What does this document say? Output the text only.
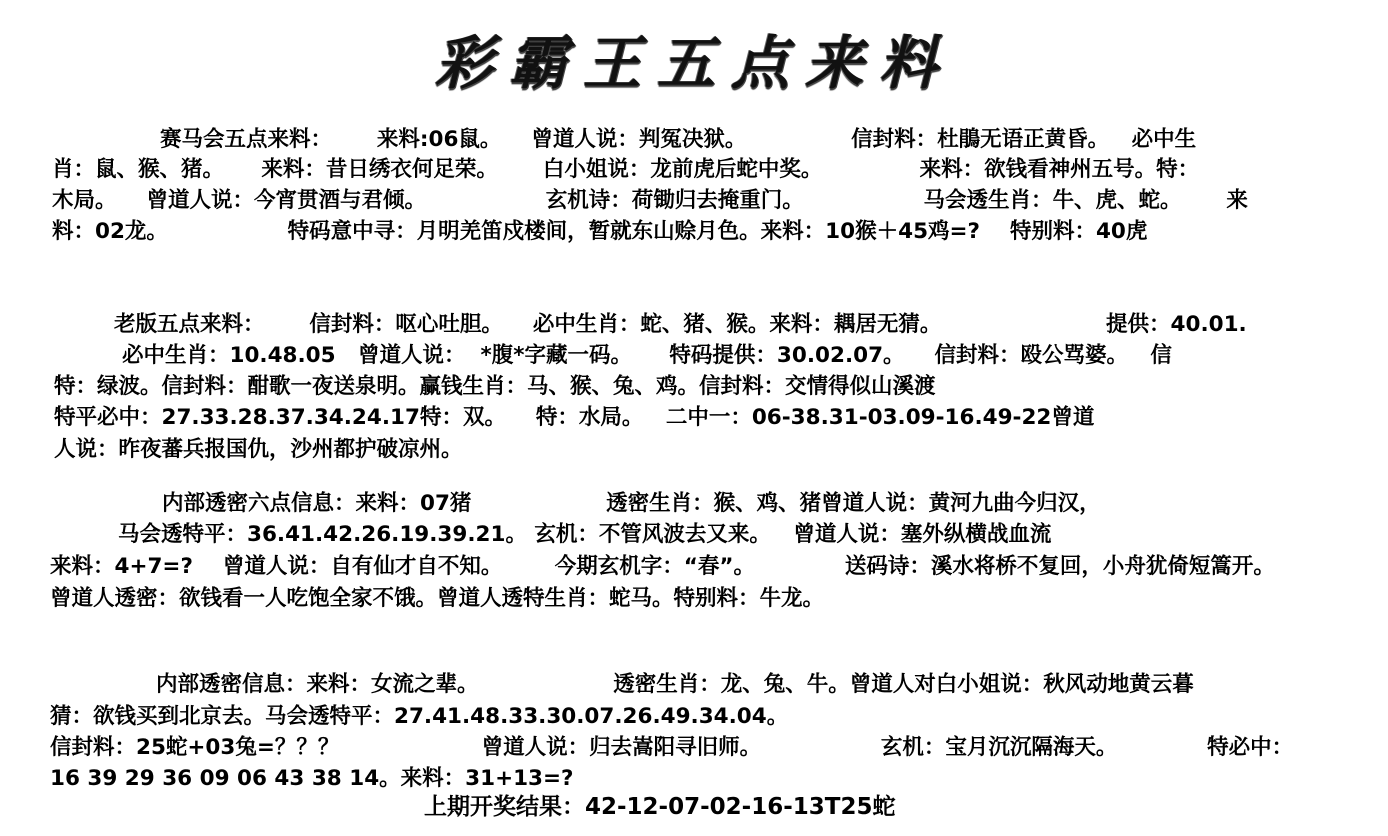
彩霸王五点来料
赛马会五点来料：      来料:06鼠。    曾道人说：判冤决狱。              信封料：杜鵑无语正黄昏。   必中生
肖：鼠、猴、猪。     来料：昔日绣衣何足荣。      白小姐说：龙前虎后蛇中奖。             来料：欲钱看神州五号。特：
木局。    曾道人说：今宵贯酒与君倾。                玄机诗：荷锄归去掩重门。                马会透生肖：牛、虎、蛇。      来
料：02龙。                特码意中寻：月明羌笛戍楼间，暂就东山赊月色。来料：10猴＋45鸡=?    特别料：40虎
老版五点来料：      信封料：呕心吐胆。    必中生肖：蛇、猪、猴。来料：耦居无猜。                      提供：40.01.
必中生肖：10.48.05   曾道人说：  *腹*字藏一码。     特码提供：30.02.07。    信封料：殴公骂婆。   信
特：绿波。信封料：酣歌一夜送泉明。赢钱生肖：马、猴、兔、鸡。信封料：交情得似山溪渡
特平必中：27.33.28.37.34.24.17特：双。    特：水局。   二中一：06-38.31-03.09-16.49-22曾道
人说：昨夜蕃兵报国仇，沙州都护破凉州。
内部透密六点信息：来料：07猪                  透密生肖：猴、鸡、猪曾道人说：黄河九曲今归汉，
马会透特平：36.41.42.26.19.39.21。 玄机：不管风波去又来。   曾道人说：塞外纵横战血流
来料：4+7=?    曾道人说：自有仙才自不知。       今期玄机字：“春”。            送码诗：溪水将桥不复回，小舟犹倚短篙开。
曾道人透密：欲钱看一人吃饱全家不饿。曾道人透特生肖：蛇马。特别料：牛龙。
内部透密信息：来料：女流之辈。                  透密生肖：龙、兔、牛。曾道人对白小姐说：秋风动地黄云暮
猜：欲钱买到北京去。马会透特平：27.41.48.33.30.07.26.49.34.04。
信封料：25蛇+03兔=？？？                   曾道人说：归去嵩阳寻旧师。                玄机：宝月沉沉隔海天。            特必中：
16 39 29 36 09 06 43 38 14。来料：31+13=?
上期开奖结果：42-12-07-02-16-13T25蛇
